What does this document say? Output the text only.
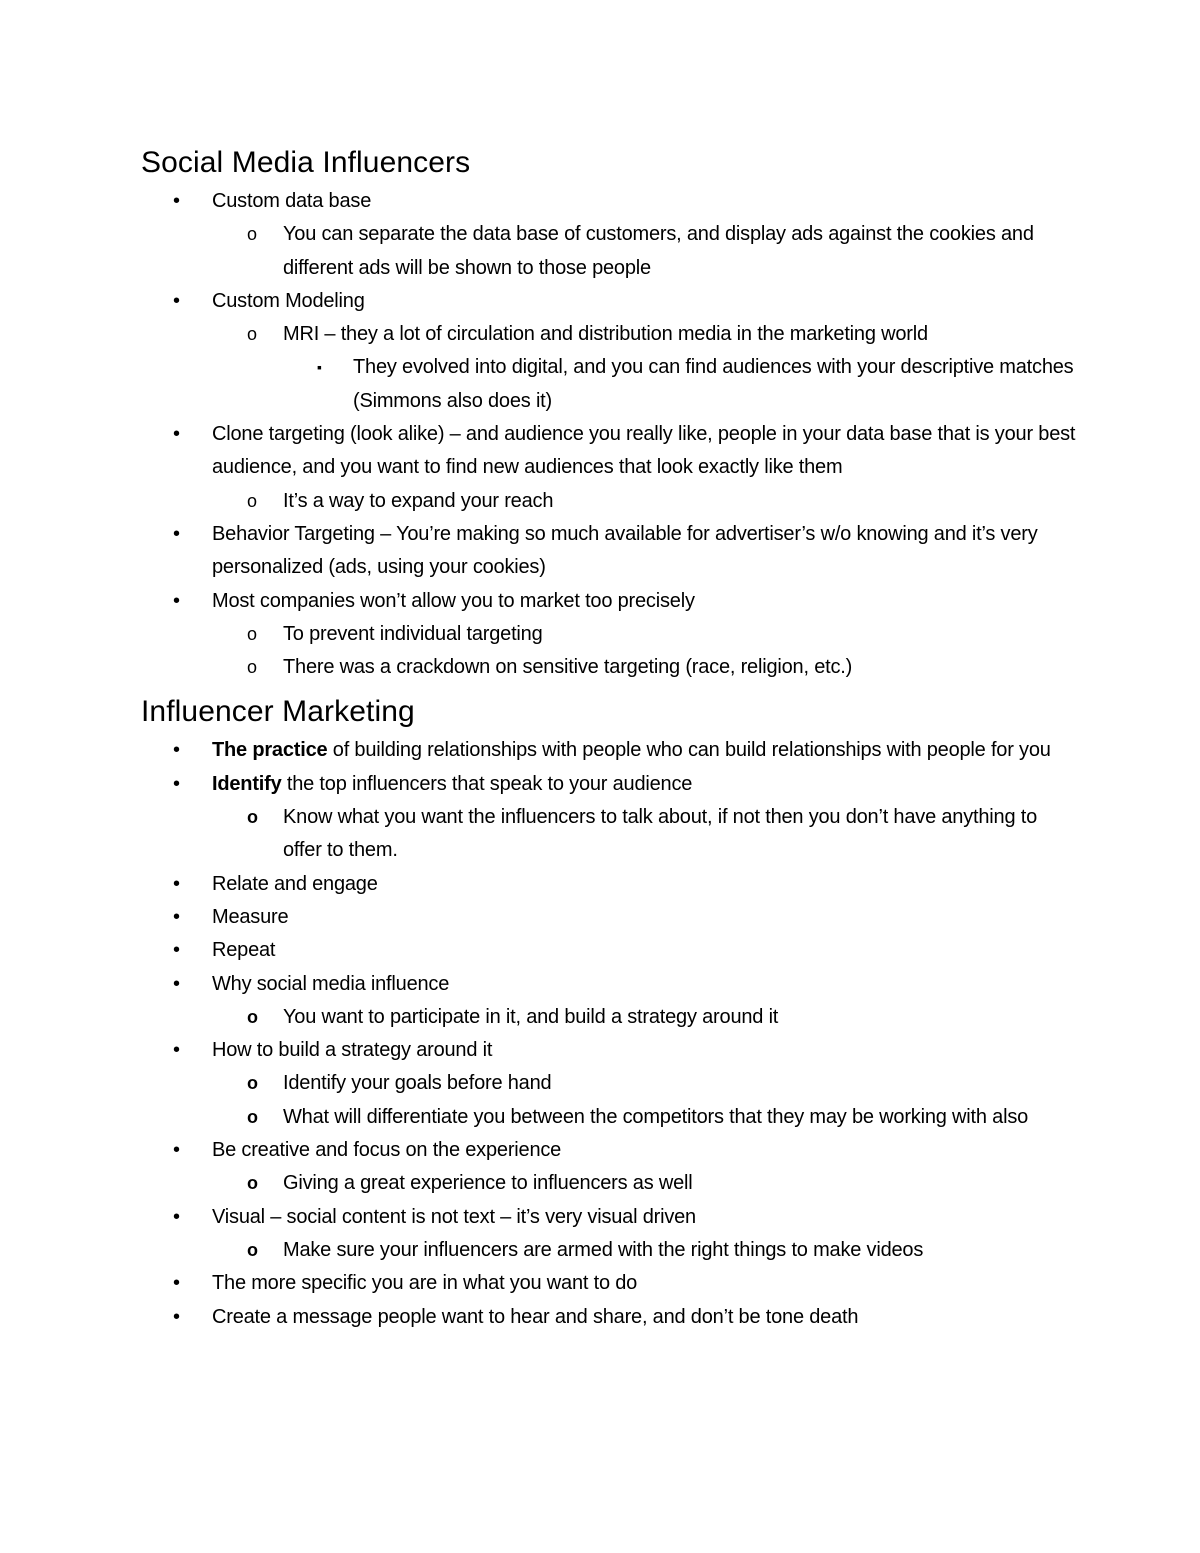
Social Media Influencers
• Custom data base
o You can separate the data base of customers, and display ads against the cookies and different ads will be shown to those people
• Custom Modeling
o MRI – they a lot of circulation and distribution media in the marketing world
▪ They evolved into digital, and you can find audiences with your descriptive matches (Simmons also does it)
• Clone targeting (look alike) – and audience you really like, people in your data base that is your best audience, and you want to find new audiences that look exactly like them
o It’s a way to expand your reach
• Behavior Targeting – You’re making so much available for advertiser’s w/o knowing and it’s very personalized (ads, using your cookies)
• Most companies won’t allow you to market too precisely
o To prevent individual targeting
o There was a crackdown on sensitive targeting (race, religion, etc.)
Influencer Marketing
• The practice of building relationships with people who can build relationships with people for you
• Identify the top influencers that speak to your audience
o Know what you want the influencers to talk about, if not then you don’t have anything to offer to them.
• Relate and engage
• Measure
• Repeat
• Why social media influence
o You want to participate in it, and build a strategy around it
• How to build a strategy around it
o Identify your goals before hand
o What will differentiate you between the competitors that they may be working with also
• Be creative and focus on the experience
o Giving a great experience to influencers as well
• Visual – social content is not text – it’s very visual driven
o Make sure your influencers are armed with the right things to make videos
• The more specific you are in what you want to do
• Create a message people want to hear and share, and don’t be tone death
